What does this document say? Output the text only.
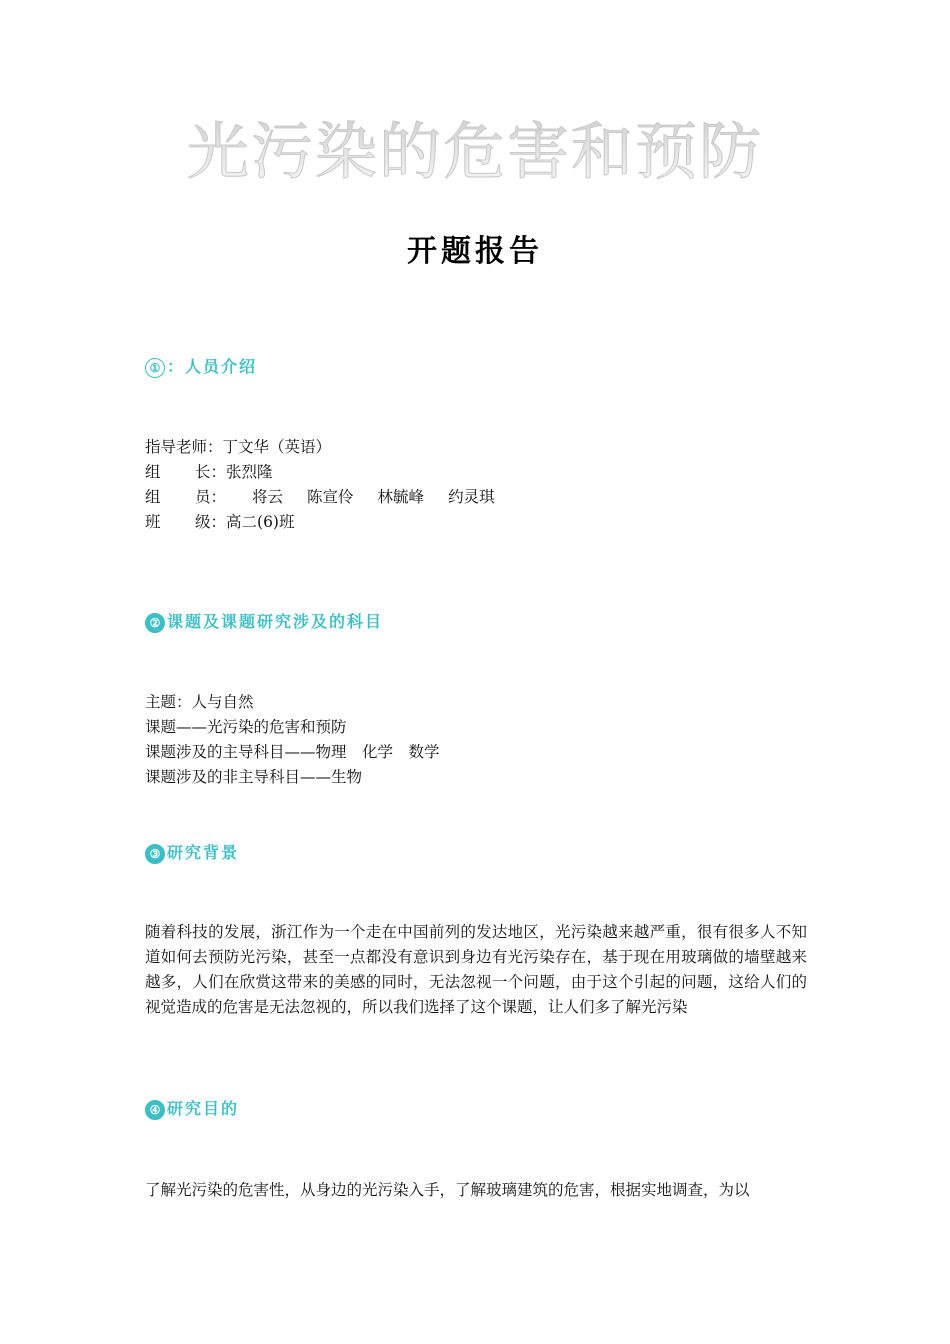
光污染的危害和预防
开题报告
① ：人员介绍
指导老师：丁文华（英语）
组 长：张烈隆
组 员： 将云 陈宣伶 林毓峰 约灵琪
班 级：高二(6)班
② 课题及课题研究涉及的科目
主题：人与自然
课题——光污染的危害和预防
课题涉及的主导科目——物理　化学　数学
课题涉及的非主导科目——生物
③ 研究背景
随着科技的发展，浙江作为一个走在中国前列的发达地区，光污染越来越严重，很有很多人不知道如何去预防光污染，甚至一点都没有意识到身边有光污染存在，基于现在用玻璃做的墙壁越来越多，人们在欣赏这带来的美感的同时，无法忽视一个问题，由于这个引起的问题，这给人们的视觉造成的危害是无法忽视的，所以我们选择了这个课题，让人们多了解光污染
④ 研究目的
了解光污染的危害性，从身边的光污染入手，了解玻璃建筑的危害，根据实地调查，为以
